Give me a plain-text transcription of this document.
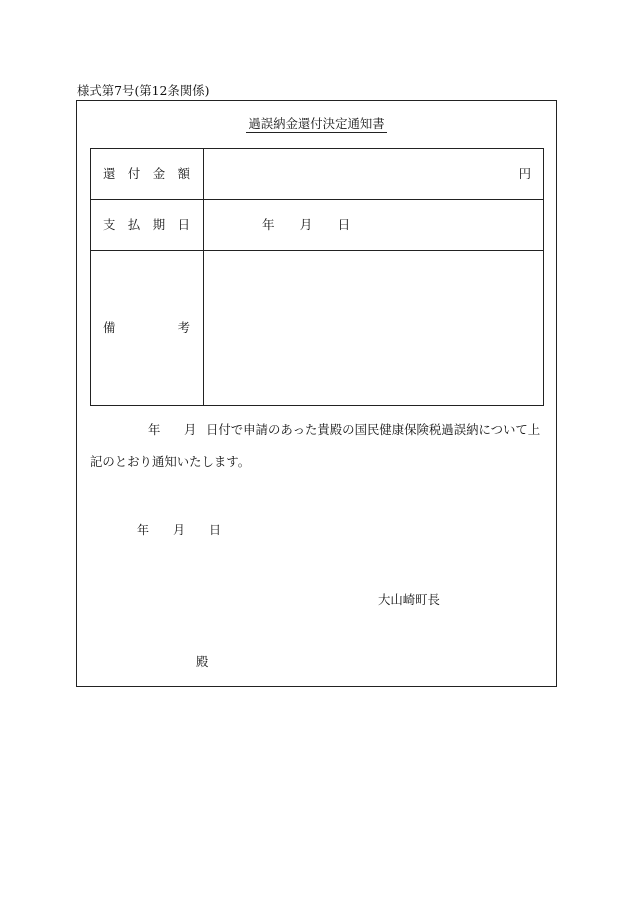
様式第7号(第12条関係)
過誤納金還付決定通知書
還付金額	円
支払期日	年　　月　　日
備考
年 月 日付で申請のあった貴殿の国民健康保険税過誤納について上
記のとおり通知いたします。
年　　月　　日
大山崎町長
殿
